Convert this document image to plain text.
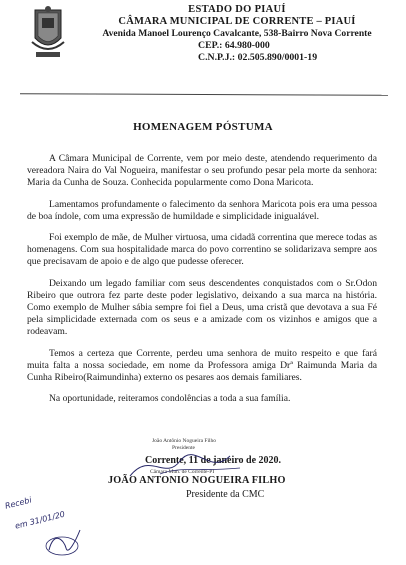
ESTADO DO PIAUÍ
CÂMARA MUNICIPAL DE CORRENTE – PIAUÍ
Avenida Manoel Lourenço Cavalcante, 538-Bairro Nova Corrente
CEP.: 64.980-000
C.N.P.J.: 02.505.890/0001-19
HOMENAGEM PÓSTUMA

A Câmara Municipal de Corrente, vem por meio deste, atendendo requerimento da vereadora Naira do Val Nogueira, manifestar o seu profundo pesar pela morte da senhora: Maria da Cunha de Souza. Conhecida popularmente como Dona Maricota.

Lamentamos profundamente o falecimento da senhora Maricota pois era uma pessoa de boa índole, com uma expressão de humildade e simplicidade inigualável.

Foi exemplo de mãe, de Mulher virtuosa, uma cidadã correntina que merece todas as homenagens. Com sua hospitalidade marca do povo correntino se solidarizava sempre aos que precisavam de apoio e de algo que pudesse oferecer.

Deixando um legado familiar com seus descendentes conquistados com o Sr.Odon Ribeiro que outrora fez parte deste poder legislativo, deixando a sua marca na história. Como exemplo de Mulher sábia sempre foi fiel a Deus, uma cristã que devotava a sua Fé pela simplicidade externada com os seus e a amizade com os vizinhos e amigos que a rodeavam.

Temos a certeza que Corrente, perdeu uma senhora de muito respeito e que fará muita falta a nossa sociedade, em nome da Professora amiga Drª Raimunda Maria da Cunha Ribeiro(Raimundinha) externo os pesares aos demais familiares.

Na oportunidade, reiteramos condolências a toda a sua família.

João Antônio Nogueira Filho
Presidente
Corrente, 11 de janeiro de 2020.
Câmara Mun. de Corrente-PI
JOÃO ANTONIO NOGUEIRA FILHO
Presidente da CMC
Recebi
em 31/01/20
